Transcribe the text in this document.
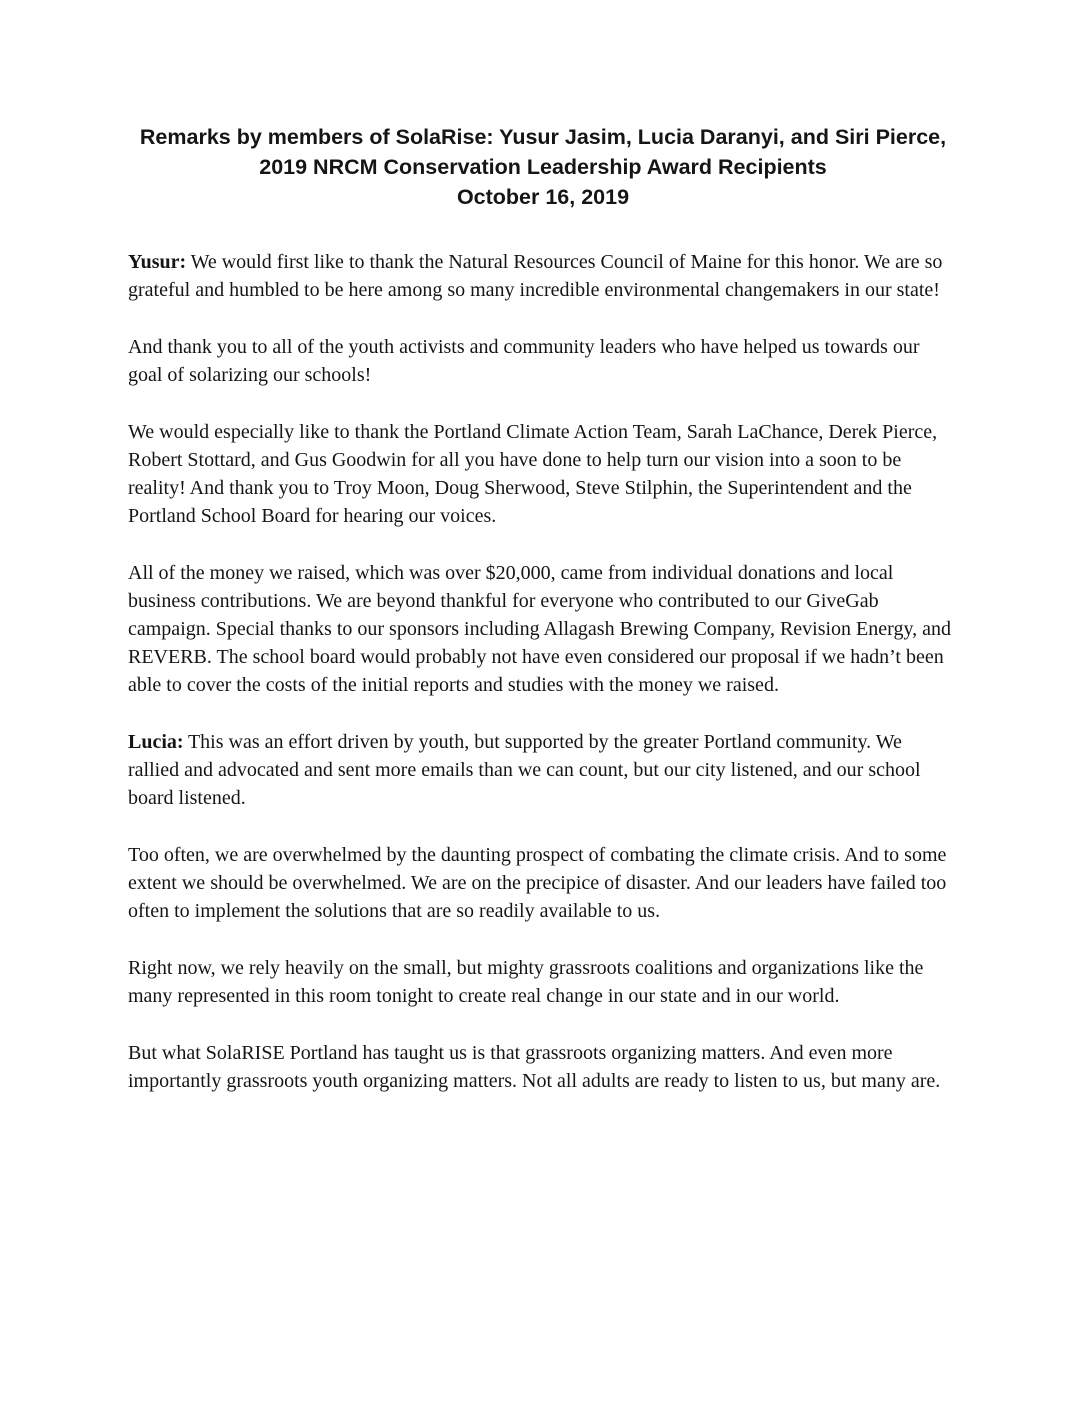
Remarks by members of SolaRise: Yusur Jasim, Lucia Daranyi, and Siri Pierce,
2019 NRCM Conservation Leadership Award Recipients
October 16, 2019

Yusur: We would first like to thank the Natural Resources Council of Maine for this honor. We are so grateful and humbled to be here among so many incredible environmental changemakers in our state!

And thank you to all of the youth activists and community leaders who have helped us towards our goal of solarizing our schools!

We would especially like to thank the Portland Climate Action Team, Sarah LaChance, Derek Pierce, Robert Stottard, and Gus Goodwin for all you have done to help turn our vision into a soon to be reality! And thank you to Troy Moon, Doug Sherwood, Steve Stilphin, the Superintendent and the Portland School Board for hearing our voices.

All of the money we raised, which was over $20,000, came from individual donations and local business contributions. We are beyond thankful for everyone who contributed to our GiveGab campaign. Special thanks to our sponsors including Allagash Brewing Company, Revision Energy, and REVERB. The school board would probably not have even considered our proposal if we hadn’t been able to cover the costs of the initial reports and studies with the money we raised.

Lucia: This was an effort driven by youth, but supported by the greater Portland community. We rallied and advocated and sent more emails than we can count, but our city listened, and our school board listened.

Too often, we are overwhelmed by the daunting prospect of combating the climate crisis. And to some extent we should be overwhelmed. We are on the precipice of disaster. And our leaders have failed too often to implement the solutions that are so readily available to us.

Right now, we rely heavily on the small, but mighty grassroots coalitions and organizations like the many represented in this room tonight to create real change in our state and in our world.

But what SolaRISE Portland has taught us is that grassroots organizing matters. And even more importantly grassroots youth organizing matters. Not all adults are ready to listen to us, but many are.
